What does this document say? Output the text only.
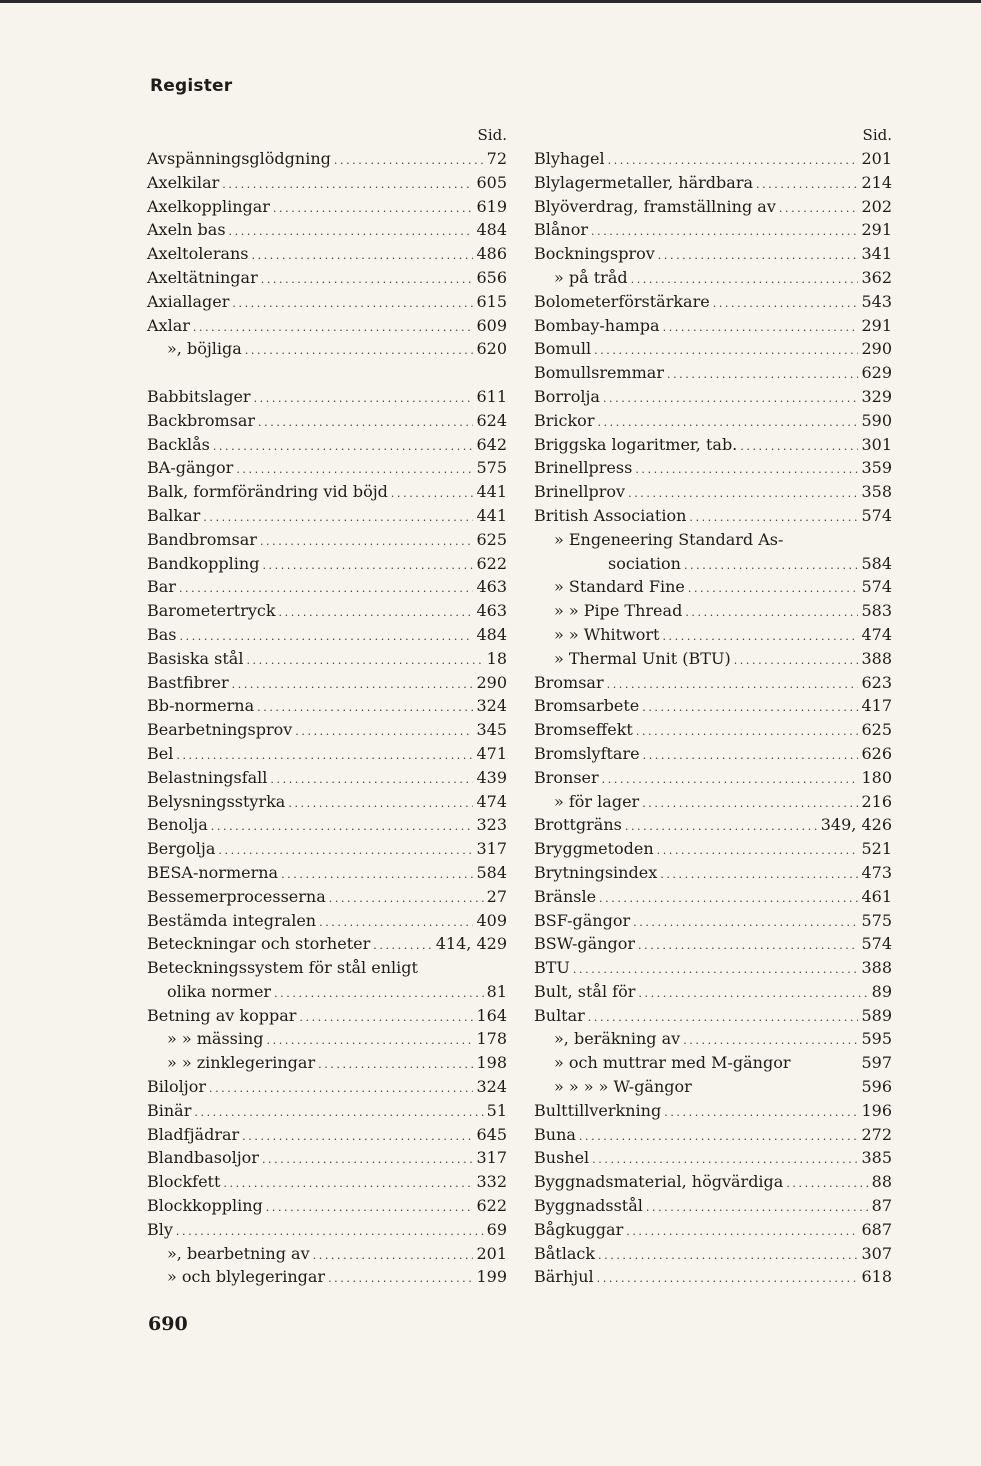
Register
Sid.
Avspänningsglödgning .....	72
Axelkilar .....	605
Axelkopplingar .....	619
Axeln bas .....	484
Axeltolerans .....	486
Axeltätningar .....	656
Axiallager .....	615
Axlar .....	609
», böjliga .....	620
Babbitslager .....	611
Backbromsar .....	624
Backlås .....	642
BA-gängor .....	575
Balk, formförändring vid böjd .....	441
Balkar .....	441
Bandbromsar .....	625
Bandkoppling .....	622
Bar .....	463
Barometertryck .....	463
Bas .....	484
Basiska stål .....	18
Bastfibrer .....	290
Bb-normerna .....	324
Bearbetningsprov .....	345
Bel .....	471
Belastningsfall .....	439
Belysningsstyrka .....	474
Benolja .....	323
Bergolja .....	317
BESA-normerna .....	584
Bessemerprocesserna .....	27
Bestämda integralen .....	409
Beteckningar och storheter .....	414, 429
Beteckningssystem för stål enligt
olika normer .....	81
Betning av koppar .....	164
» » mässing .....	178
» » zinklegeringar .....	198
Biloljor .....	324
Binär .....	51
Bladfjädrar .....	645
Blandbasoljor .....	317
Blockfett .....	332
Blockkoppling .....	622
Bly .....	69
», bearbetning av .....	201
» och blylegeringar .....	199
Sid.
Blyhagel .....	201
Blylagermetaller, härdbara .....	214
Blyöverdrag, framställning av .....	202
Blånor .....	291
Bockningsprov .....	341
» på tråd .....	362
Bolometerförstärkare .....	543
Bombay-hampa .....	291
Bomull .....	290
Bomullsremmar .....	629
Borrolja .....	329
Brickor .....	590
Briggska logaritmer, tab. .....	301
Brinellpress .....	359
Brinellprov .....	358
British Association .....	574
» Engeneering Standard As-
sociation .....	584
» Standard Fine .....	574
» » Pipe Thread .....	583
» » Whitwort .....	474
» Thermal Unit (BTU) .....	388
Bromsar .....	623
Bromsarbete .....	417
Bromseffekt .....	625
Bromslyftare .....	626
Bronser .....	180
» för lager .....	216
Brottgräns .....	349, 426
Bryggmetoden .....	521
Brytningsindex .....	473
Bränsle .....	461
BSF-gängor .....	575
BSW-gängor .....	574
BTU .....	388
Bult, stål för .....	89
Bultar .....	589
», beräkning av .....	595
» och muttrar med M-gängor	597
» » » » W-gängor	596
Bulttillverkning .....	196
Buna .....	272
Bushel .....	385
Byggnadsmaterial, högvärdiga .....	88
Byggnadsstål .....	87
Bågkuggar .....	687
Båtlack .....	307
Bärhjul .....	618
690
